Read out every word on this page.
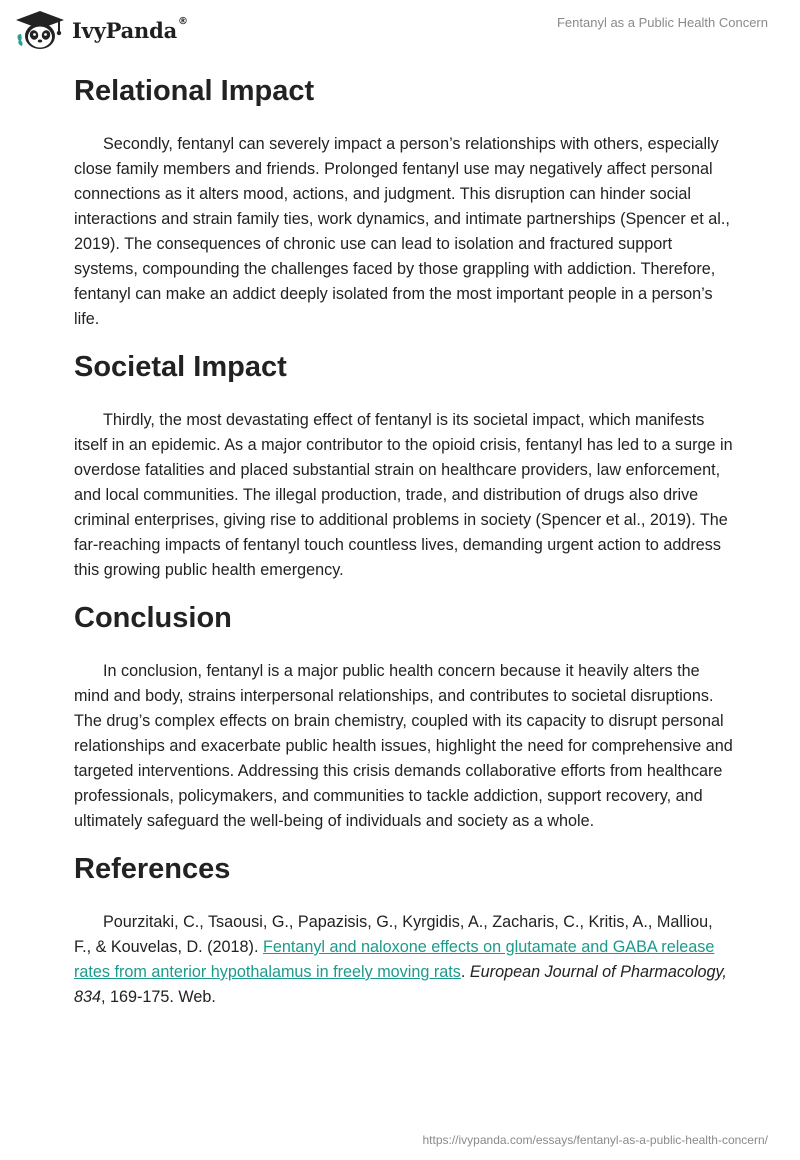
IvyPanda®	Fentanyl as a Public Health Concern
Relational Impact

Secondly, fentanyl can severely impact a person’s relationships with others, especially close family members and friends. Prolonged fentanyl use may negatively affect personal connections as it alters mood, actions, and judgment. This disruption can hinder social interactions and strain family ties, work dynamics, and intimate partnerships (Spencer et al., 2019). The consequences of chronic use can lead to isolation and fractured support systems, compounding the challenges faced by those grappling with addiction. Therefore, fentanyl can make an addict deeply isolated from the most important people in a person’s life.

Societal Impact

Thirdly, the most devastating effect of fentanyl is its societal impact, which manifests itself in an epidemic. As a major contributor to the opioid crisis, fentanyl has led to a surge in overdose fatalities and placed substantial strain on healthcare providers, law enforcement, and local communities. The illegal production, trade, and distribution of drugs also drive criminal enterprises, giving rise to additional problems in society (Spencer et al., 2019). The far-reaching impacts of fentanyl touch countless lives, demanding urgent action to address this growing public health emergency.

Conclusion

In conclusion, fentanyl is a major public health concern because it heavily alters the mind and body, strains interpersonal relationships, and contributes to societal disruptions. The drug’s complex effects on brain chemistry, coupled with its capacity to disrupt personal relationships and exacerbate public health issues, highlight the need for comprehensive and targeted interventions. Addressing this crisis demands collaborative efforts from healthcare professionals, policymakers, and communities to tackle addiction, support recovery, and ultimately safeguard the well-being of individuals and society as a whole.

References

Pourzitaki, C., Tsaousi, G., Papazisis, G., Kyrgidis, A., Zacharis, C., Kritis, A., Malliou, F., & Kouvelas, D. (2018). Fentanyl and naloxone effects on glutamate and GABA release rates from anterior hypothalamus in freely moving rats. European Journal of Pharmacology, 834, 169-175. Web.

https://ivypanda.com/essays/fentanyl-as-a-public-health-concern/
